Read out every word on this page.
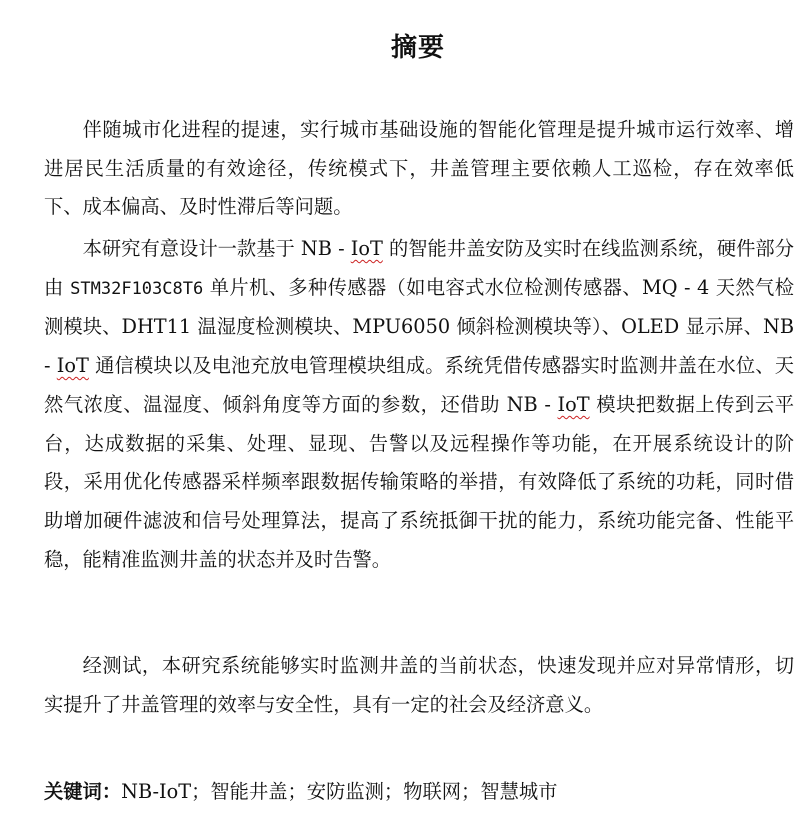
摘要

伴随城市化进程的提速，实行城市基础设施的智能化管理是提升城市运行效率、增进居民生活质量的有效途径，传统模式下，井盖管理主要依赖人工巡检，存在效率低下、成本偏高、及时性滞后等问题。

本研究有意设计一款基于 NB - IoT 的智能井盖安防及实时在线监测系统，硬件部分由 STM32F103C8T6 单片机、多种传感器（如电容式水位检测传感器、MQ - 4 天然气检测模块、DHT11 温湿度检测模块、MPU6050 倾斜检测模块等）、OLED 显示屏、NB - IoT 通信模块以及电池充放电管理模块组成。系统凭借传感器实时监测井盖在水位、天然气浓度、温湿度、倾斜角度等方面的参数，还借助 NB - IoT 模块把数据上传到云平台，达成数据的采集、处理、显现、告警以及远程操作等功能，在开展系统设计的阶段，采用优化传感器采样频率跟数据传输策略的举措，有效降低了系统的功耗，同时借助增加硬件滤波和信号处理算法，提高了系统抵御干扰的能力，系统功能完备、性能平稳，能精准监测井盖的状态并及时告警。

经测试，本研究系统能够实时监测井盖的当前状态，快速发现并应对异常情形，切实提升了井盖管理的效率与安全性，具有一定的社会及经济意义。

关键词：NB-IoT；智能井盖；安防监测；物联网；智慧城市
